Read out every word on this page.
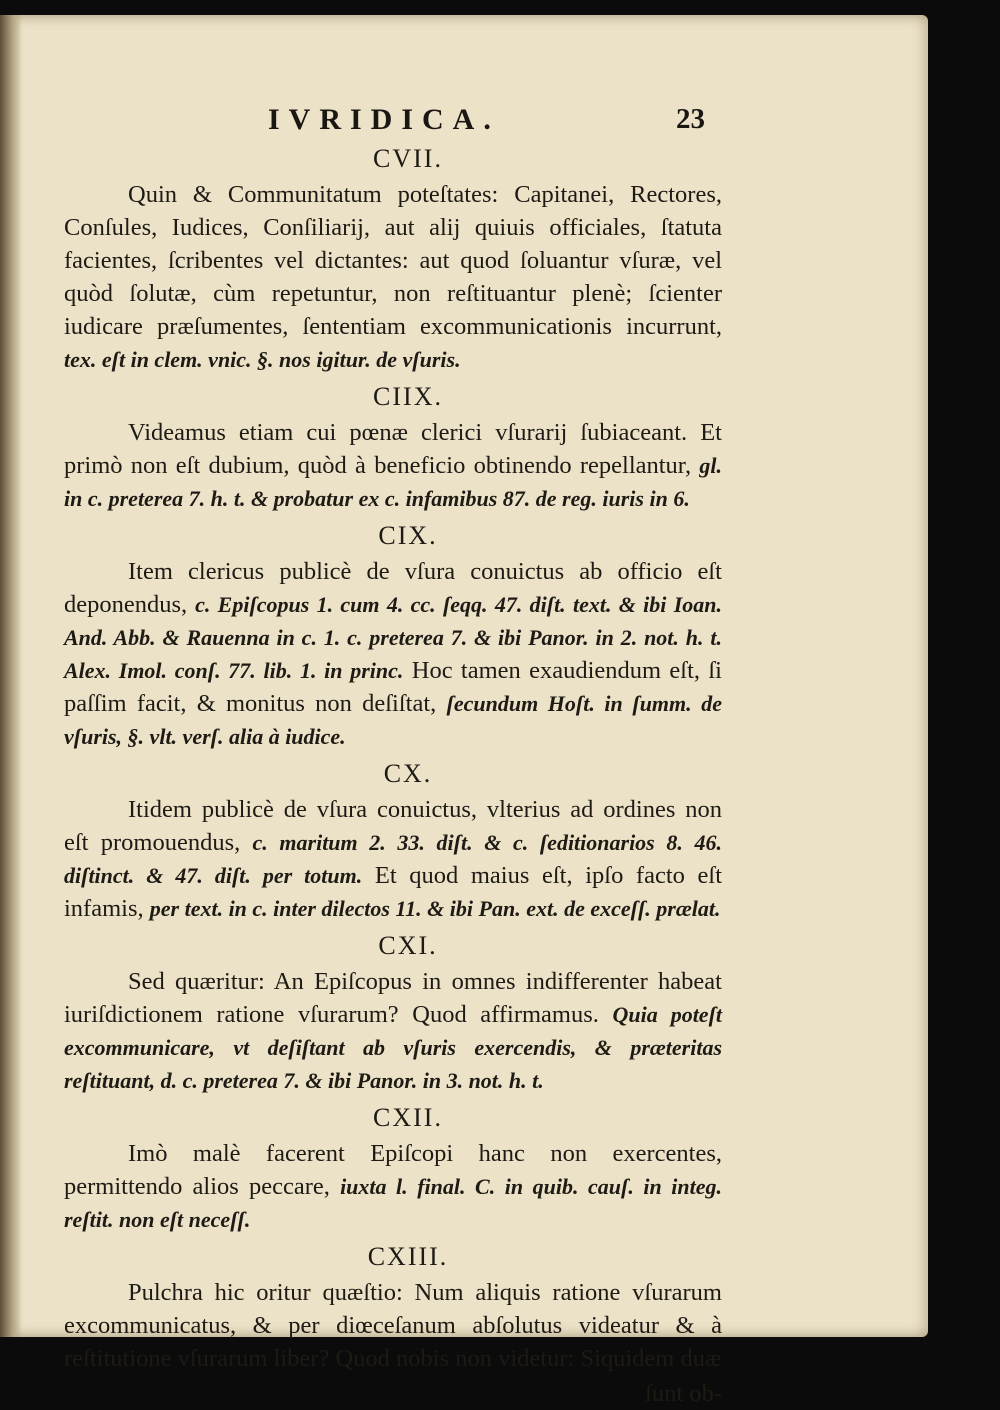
IVRIDICA.	23
CVII.

Quin & Communitatum poteſtates: Capitanei, Rectores, Conſules, Iudices, Conſiliarij, aut alij quiuis officiales, ſtatuta facientes, ſcribentes vel dictantes: aut quod ſoluantur vſuræ, vel quòd ſolutæ, cùm repetuntur, non reſtituantur plenè; ſcienter iudicare præſumentes, ſententiam excommunicationis incurrunt, tex. eſt in clem. vnic. §. nos igitur. de vſuris.

CIIX.

Videamus etiam cui pœnæ clerici vſurarij ſubiaceant. Et primò non eſt dubium, quòd à beneficio obtinendo repellantur, gl. in c. preterea 7. h. t. & probatur ex c. infamibus 87. de reg. iuris in 6.

CIX.

Item clericus publicè de vſura conuictus ab officio eſt deponendus, c. Epiſcopus 1. cum 4. cc. ſeqq. 47. diſt. text. & ibi Ioan. And. Abb. & Rauenna in c. 1. c. preterea 7. & ibi Panor. in 2. not. h. t. Alex. Imol. conſ. 77. lib. 1. in princ. Hoc tamen exaudiendum eſt, ſi paſſim facit, & monitus non deſiſtat, ſecundum Hoſt. in ſumm. de vſuris, §. vlt. verſ. alia à iudice.

CX.

Itidem publicè de vſura conuictus, vlterius ad ordines non eſt promouendus, c. maritum 2. 33. diſt. & c. ſeditionarios 8. 46. diſtinct. & 47. diſt. per totum. Et quod maius eſt, ipſo facto eſt infamis, per text. in c. inter dilectos 11. & ibi Pan. ext. de exceſſ. prælat.

CXI.

Sed quæritur: An Epiſcopus in omnes indifferenter habeat iuriſdictionem ratione vſurarum? Quod affirmamus. Quia poteſt excommunicare, vt deſiſtant ab vſuris exercendis, & præteritas reſtituant, d. c. preterea 7. & ibi Panor. in 3. not. h. t.

CXII.

Imò malè facerent Epiſcopi hanc non exercentes, permittendo alios peccare, iuxta l. final. C. in quib. cauſ. in integ. reſtit. non eſt neceſſ.

CXIII.

Pulchra hic oritur quæſtio: Num aliquis ratione vſurarum excommunicatus, & per diœceſanum abſolutus videatur & à reſtitutione vſurarum liber? Quod nobis non videtur: Siquidem duæ

ſunt ob-
